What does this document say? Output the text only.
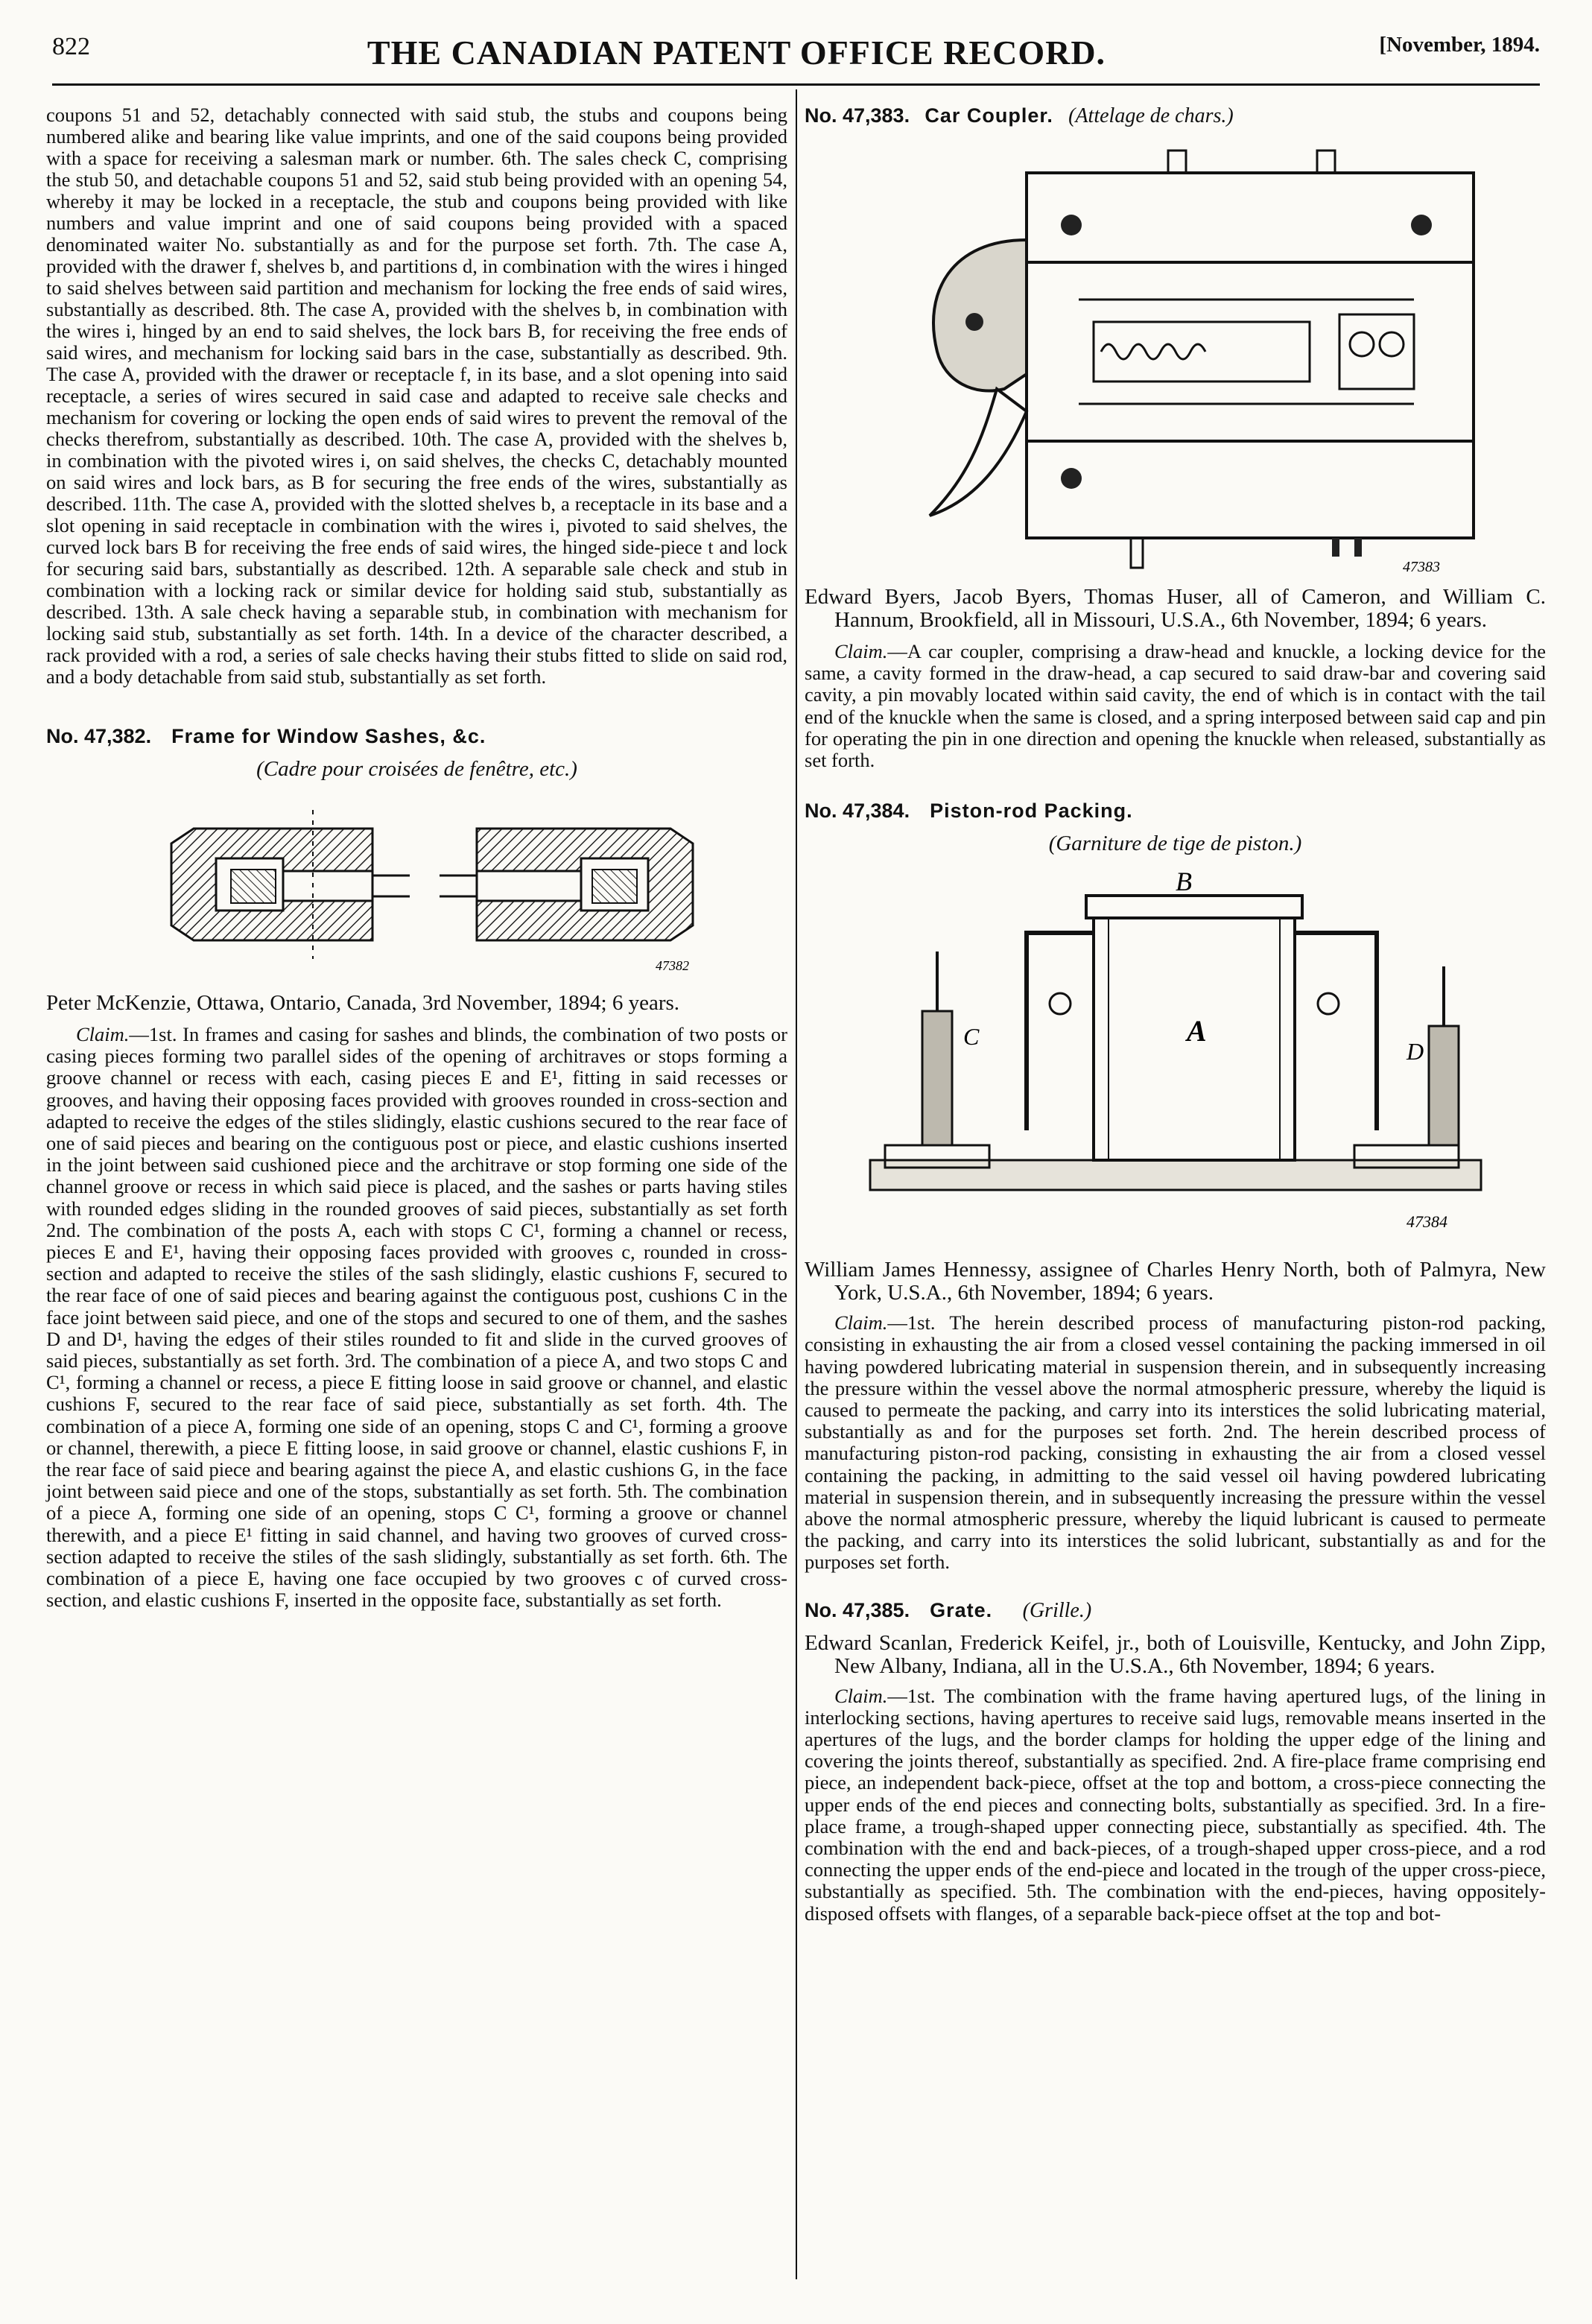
822	THE CANADIAN PATENT OFFICE RECORD.	[November, 1894.

coupons 51 and 52, detachably connected with said stub, the stubs and coupons being numbered alike and bearing like value imprints, and one of the said coupons being provided with a space for receiving a salesman mark or number. 6th. The sales check C, comprising the stub 50, and detachable coupons 51 and 52, said stub being provided with an opening 54, whereby it may be locked in a receptacle, the stub and coupons being provided with like numbers and value imprint and one of said coupons being provided with a spaced denominated waiter No. substantially as and for the purpose set forth. 7th. The case A, provided with the drawer f, shelves b, and partitions d, in combination with the wires i hinged to said shelves between said partition and mechanism for locking the free ends of said wires, substantially as described. 8th. The case A, provided with the shelves b, in combination with the wires i, hinged by an end to said shelves, the lock bars B, for receiving the free ends of said wires, and mechanism for locking said bars in the case, substantially as described. 9th. The case A, provided with the drawer or receptacle f, in its base, and a slot opening into said receptacle, a series of wires secured in said case and adapted to receive sale checks and mechanism for covering or locking the open ends of said wires to prevent the removal of the checks therefrom, substantially as described. 10th. The case A, provided with the shelves b, in combination with the pivoted wires i, on said shelves, the checks C, detachably mounted on said wires and lock bars, as B for securing the free ends of the wires, substantially as described. 11th. The case A, provided with the slotted shelves b, a receptacle in its base and a slot opening in said receptacle in combination with the wires i, pivoted to said shelves, the curved lock bars B for receiving the free ends of said wires, the hinged side-piece t and lock for securing said bars, substantially as described. 12th. A separable sale check and stub in combination with a locking rack or similar device for holding said stub, substantially as described. 13th. A sale check having a separable stub, in combination with mechanism for locking said stub, substantially as set forth. 14th. In a device of the character described, a rack provided with a rod, a series of sale checks having their stubs fitted to slide on said rod, and a body detachable from said stub, substantially as set forth.

No. 47,382. Frame for Window Sashes, &c.

(Cadre pour croisées de fenêtre, etc.)
47382

Peter McKenzie, Ottawa, Ontario, Canada, 3rd November, 1894; 6 years.

Claim.—1st. In frames and casing for sashes and blinds, the combination of two posts or casing pieces forming two parallel sides of the opening of architraves or stops forming a groove channel or recess with each, casing pieces E and E¹, fitting in said recesses or grooves, and having their opposing faces provided with grooves rounded in cross-section and adapted to receive the edges of the stiles slidingly, elastic cushions secured to the rear face of one of said pieces and bearing on the contiguous post or piece, and elastic cushions inserted in the joint between said cushioned piece and the architrave or stop forming one side of the channel groove or recess in which said piece is placed, and the sashes or parts having stiles with rounded edges sliding in the rounded grooves of said pieces, substantially as set forth 2nd. The combination of the posts A, each with stops C C¹, forming a channel or recess, pieces E and E¹, having their opposing faces provided with grooves c, rounded in cross-section and adapted to receive the stiles of the sash slidingly, elastic cushions F, secured to the rear face of one of said pieces and bearing against the contiguous post, cushions C in the face joint between said piece, and one of the stops and secured to one of them, and the sashes D and D¹, having the edges of their stiles rounded to fit and slide in the curved grooves of said pieces, substantially as set forth. 3rd. The combination of a piece A, and two stops C and C¹, forming a channel or recess, a piece E fitting loose in said groove or channel, and elastic cushions F, secured to the rear face of said piece, substantially as set forth. 4th. The combination of a piece A, forming one side of an opening, stops C and C¹, forming a groove or channel, therewith, a piece E fitting loose, in said groove or channel, elastic cushions F, in the rear face of said piece and bearing against the piece A, and elastic cushions G, in the face joint between said piece and one of the stops, substantially as set forth. 5th. The combination of a piece A, forming one side of an opening, stops C C¹, forming a groove or channel therewith, and a piece E¹ fitting in said channel, and having two grooves of curved cross-section adapted to receive the stiles of the sash slidingly, substantially as set forth. 6th. The combination of a piece E, having one face occupied by two grooves c of curved cross-section, and elastic cushions F, inserted in the opposite face, substantially as set forth.

No. 47,383. Car Coupler. (Attelage de chars.)

47383

Edward Byers, Jacob Byers, Thomas Huser, all of Cameron, and William C. Hannum, Brookfield, all in Missouri, U.S.A., 6th November, 1894; 6 years.

Claim.—A car coupler, comprising a draw-head and knuckle, a locking device for the same, a cavity formed in the draw-head, a cap secured to said draw-bar and covering said cavity, a pin movably located within said cavity, the end of which is in contact with the tail end of the knuckle when the same is closed, and a spring interposed between said cap and pin for operating the pin in one direction and opening the knuckle when released, substantially as set forth.

No. 47,384. Piston-rod Packing.

(Garniture de tige de piston.)
B
A
C
D
47384

William James Hennessy, assignee of Charles Henry North, both of Palmyra, New York, U.S.A., 6th November, 1894; 6 years.

Claim.—1st. The herein described process of manufacturing piston-rod packing, consisting in exhausting the air from a closed vessel containing the packing immersed in oil having powdered lubricating material in suspension therein, and in subsequently increasing the pressure within the vessel above the normal atmospheric pressure, whereby the liquid is caused to permeate the packing, and carry into its interstices the solid lubricating material, substantially as and for the purposes set forth. 2nd. The herein described process of manufacturing piston-rod packing, consisting in exhausting the air from a closed vessel containing the packing, in admitting to the said vessel oil having powdered lubricating material in suspension therein, and in subsequently increasing the pressure within the vessel above the normal atmospheric pressure, whereby the liquid lubricant is caused to permeate the packing, and carry into its interstices the solid lubricant, substantially as and for the purposes set forth.

No. 47,385. Grate. (Grille.)

Edward Scanlan, Frederick Keifel, jr., both of Louisville, Kentucky, and John Zipp, New Albany, Indiana, all in the U.S.A., 6th November, 1894; 6 years.

Claim.—1st. The combination with the frame having apertured lugs, of the lining in interlocking sections, having apertures to receive said lugs, removable means inserted in the apertures of the lugs, and the border clamps for holding the upper edge of the lining and covering the joints thereof, substantially as specified. 2nd. A fire-place frame comprising end piece, an independent back-piece, offset at the top and bottom, a cross-piece connecting the upper ends of the end pieces and connecting bolts, substantially as specified. 3rd. In a fire-place frame, a trough-shaped upper connecting piece, substantially as specified. 4th. The combination with the end and back-pieces, of a trough-shaped upper cross-piece, and a rod connecting the upper ends of the end-piece and located in the trough of the upper cross-piece, substantially as specified. 5th. The combination with the end-pieces, having oppositely-disposed offsets with flanges, of a separable back-piece offset at the top and bot-
